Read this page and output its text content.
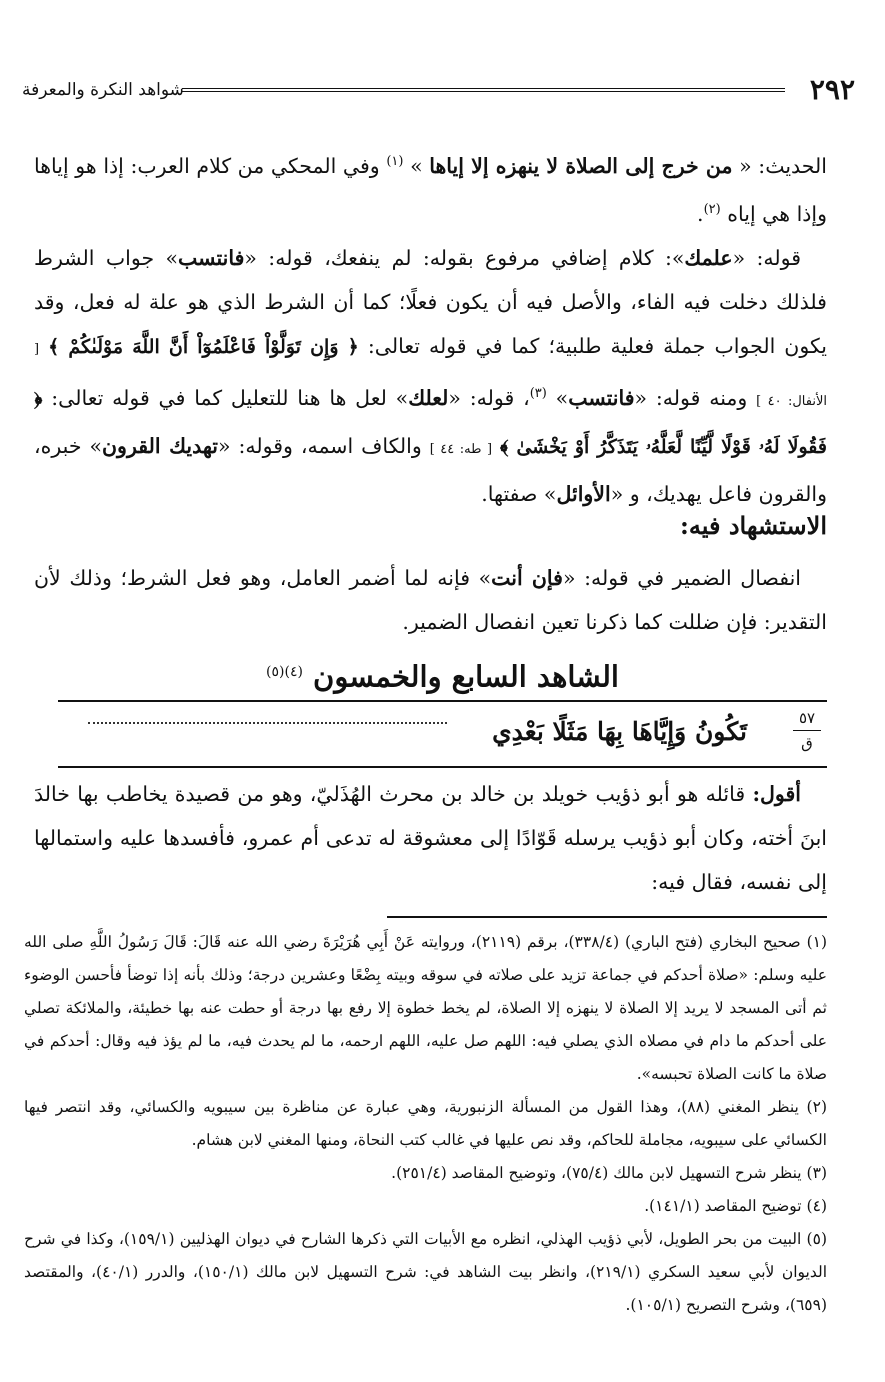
٢٩٢
شواهد النكرة والمعرفة

الحديث: « من خرج إلى الصلاة لا ينهزه إلا إياها » $^{(١)}$ وفي المحكي من كلام العرب: إذا هو إياها وإذا هي إياه $^{(٢)}$.

قوله: «علمك»: كلام إضافي مرفوع بقوله: لم ينفعك، قوله: «فانتسب» جواب الشرط فلذلك دخلت فيه الفاء، والأصل فيه أن يكون فعلًا؛ كما أن الشرط الذي هو علة له فعل، وقد يكون الجواب جملة فعلية طلبية؛ كما في قوله تعالى: ﴿ وَإِن تَوَلَّوْاْ فَاعْلَمُوٓاْ أَنَّ اللَّهَ مَوْلَىٰكُمْ ﴾ [ الأنفال: ٤٠ ] ومنه قوله: «فانتسب» $^{(٣)}$، قوله: «لعلك» لعل ها هنا للتعليل كما في قوله تعالى: ﴿ فَقُولَا لَهُۥ قَوْلًا لَّيِّنًا لَّعَلَّهُۥ يَتَذَكَّرُ أَوْ يَخْشَىٰ ﴾ [ طه: ٤٤ ] والكاف اسمه، وقوله: «تهديك القرون» خبره، والقرون فاعل يهديك، و «الأوائل» صفتها.

الاستشهاد فيه:

انفصال الضمير في قوله: «فإن أنت» فإنه لما أضمر العامل، وهو فعل الشرط؛ وذلك لأن التقدير: فإن ضللت كما ذكرنا تعين انفصال الضمير.

الشاهد السابع والخمسون $^{(٤)(٥)}$
٥٧
ق
تَكُونُ وَإِيَّاهَا بِهَا مَثَلًا بَعْدِي

أقول: قائله هو أبو ذؤيب خويلد بن خالد بن محرث الهُذَليّ، وهو من قصيدة يخاطب بها خالدَ ابنَ أخته، وكان أبو ذؤيب يرسله قَوّادًا إلى معشوقة له تدعى أم عمرو، فأفسدها عليه واستمالها إلى نفسه، فقال فيه:

(١) صحيح البخاري (فتح الباري) (٣٣٨/٤)، برقم (٢١١٩)، وروايته عَنْ أَبِي هُرَيْرَةَ رضي الله عنه قَالَ: قَالَ رَسُولُ اللَّهِ صلى الله عليه وسلم: «صلاة أحدكم في جماعة تزيد على صلاته في سوقه وبيته بِضْعًا وعشرين درجة؛ وذلك بأنه إذا توضأ فأحسن الوضوء ثم أتى المسجد لا يريد إلا الصلاة لا ينهزه إلا الصلاة، لم يخط خطوة إلا رفع بها درجة أو حطت عنه بها خطيئة، والملائكة تصلي على أحدكم ما دام في مصلاه الذي يصلي فيه: اللهم صل عليه، اللهم ارحمه، ما لم يحدث فيه، ما لم يؤذ فيه وقال: أحدكم في صلاة ما كانت الصلاة تحبسه».

(٢) ينظر المغني (٨٨)، وهذا القول من المسألة الزنبورية، وهي عبارة عن مناظرة بين سيبويه والكسائي، وقد انتصر فيها الكسائي على سيبويه، مجاملة للحاكم، وقد نص عليها في غالب كتب النحاة، ومنها المغني لابن هشام.

(٣) ينظر شرح التسهيل لابن مالك (٧٥/٤)، وتوضيح المقاصد (٢٥١/٤).

(٤) توضيح المقاصد (١٤١/١).

(٥) البيت من بحر الطويل، لأبي ذؤيب الهذلي، انظره مع الأبيات التي ذكرها الشارح في ديوان الهذليين (١٥٩/١)، وكذا في شرح الديوان لأبي سعيد السكري (٢١٩/١)، وانظر بيت الشاهد في: شرح التسهيل لابن مالك (١٥٠/١)، والدرر (٤٠/١)، والمقتصد (٦٥٩)، وشرح التصريح (١٠٥/١).
